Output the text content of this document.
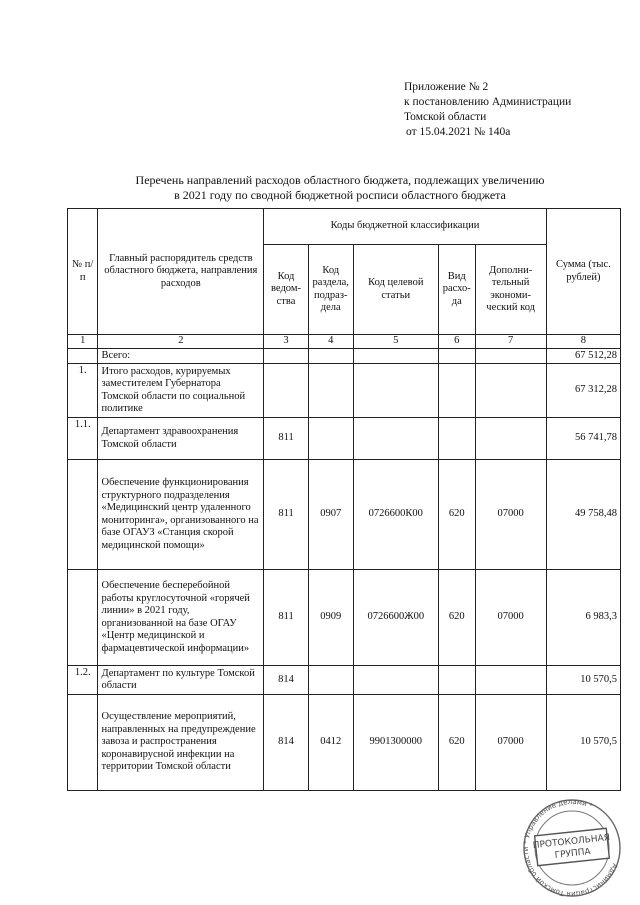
Приложение № 2
к постановлению Администрации
Томской области
от 15.04.2021 № 140а
Перечень направлений расходов областного бюджета, подлежащих увеличению
в 2021 году по сводной бюджетной росписи областного бюджета
№ п/п	Главный распорядитель средств областного бюджета, направления расходов	Коды бюджетной классификации					Сумма (тыс. рублей)
		Код ведом-ства	Код раздела, подраз-дела	Код целевой статьи	Вид расхо-да	Дополни-тельный экономи-ческий код	
1	2	3	4	5	6	7	8
	Всего:						67 512,28
1.	Итого расходов, курируемых заместителем Губернатора Томской области по социальной политике						67 312,28
1.1.	Департамент здравоохранения Томской области	811					56 741,78
	Обеспечение функционирования структурного подразделения «Медицинский центр удаленного мониторинга», организованного на базе ОГАУЗ «Станция скорой медицинской помощи»	811	0907	0726600К00	620	07000	49 758,48
	Обеспечение бесперебойной работы круглосуточной «горячей линии» в 2021 году, организованной на базе ОГАУ «Центр медицинской и фармацевтической информации»	811	0909	0726600Ж00	620	07000	6 983,3
1.2.	Департамент по культуре Томской области	814					10 570,5
	Осуществление мероприятий, направленных на предупреждение завоза и распространения коронавирусной инфекции на территории Томской области	814	0412	9901300000	620	07000	10 570,5
Администрация Томской области * Управление делами *
ПРОТОКОЛЬНАЯ
ГРУППА
